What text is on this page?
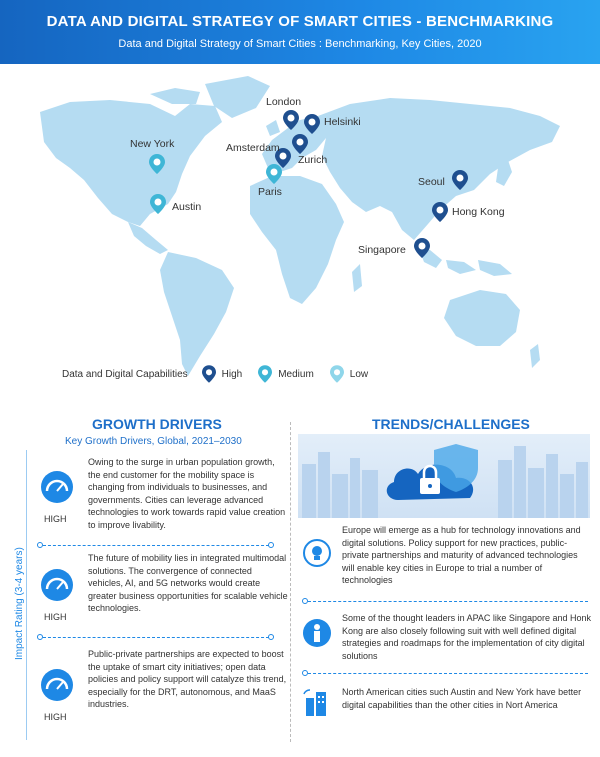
DATA AND DIGITAL STRATEGY OF SMART CITIES - BENCHMARKING
Data and Digital Strategy of Smart Cities : Benchmarking, Key Cities, 2020
London
Helsinki
Amsterdam
Zurich
Paris
New York
Austin
Seoul
Hong Kong
Singapore
Data and Digital Capabilities	High	Medium	Low
GROWTH DRIVERS
Key Growth Drivers, Global, 2021–2030
Impact Rating (3-4 years)
HIGH
Owing to the surge in urban population growth, the end customer for the mobility space is changing from individuals to businesses, and governments. Cities can leverage advanced technologies to work towards rapid value creation to improve livability.
HIGH
The future of mobility lies in integrated multimodal solutions. The convergence of connected vehicles, AI, and 5G networks would create greater business opportunities for scalable vehicle technologies.
HIGH
Public-private partnerships are expected to boost the uptake of smart city initiatives; open data policies and policy support will catalyze this trend, especially for the DRT, autonomous, and MaaS industries.
TRENDS/CHALLENGES
Europe will emerge as a hub for technology innovations and digital solutions. Policy support for new practices, public-private partnerships and maturity of advanced technologies will enable key cities in Europe to trial a number of technologies
Some of the thought leaders in APAC like Singapore and Honk Kong are also closely following suit with well defined digital strategies and roadmaps for the implementation of city digital solutions
North American cities such Austin and New York have better digital capabilities than the other cities in Nort America
